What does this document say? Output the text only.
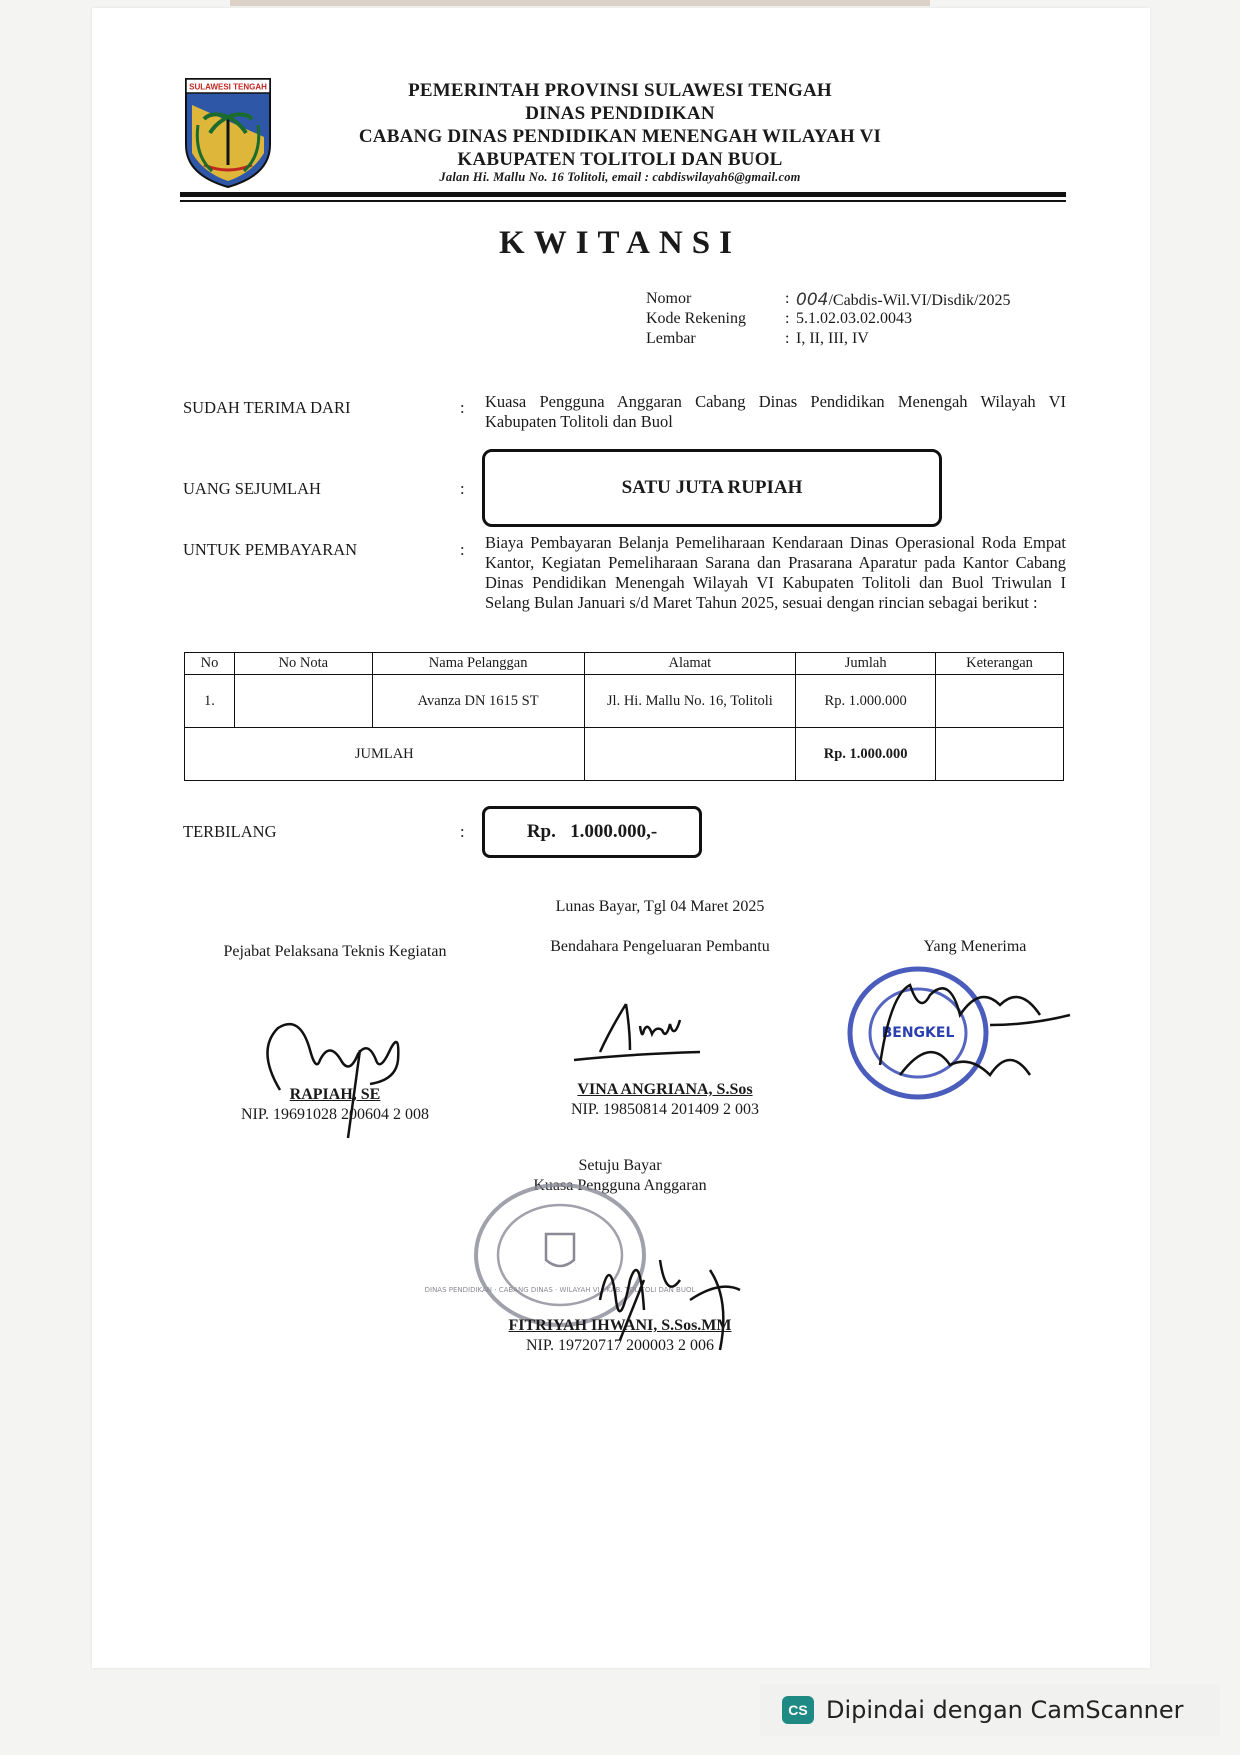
SULAWESI TENGAH	PEMERINTAH PROVINSI SULAWESI TENGAH
DINAS PENDIDIKAN
CABANG DINAS PENDIDIKAN MENENGAH WILAYAH VI
KABUPATEN TOLITOLI DAN BUOL
Jalan Hi. Mallu No. 16 Tolitoli, email : cabdiswilayah6@gmail.com
KWITANSI
Nomor	: 004/Cabdis-Wil.VI/Disdik/2025
Kode Rekening : 5.1.02.03.02.0043
Lembar	: I, II, III, IV
SUDAH TERIMA DARI	: Kuasa Pengguna Anggaran Cabang Dinas Pendidikan Menengah Wilayah VI Kabupaten Tolitoli dan Buol
UANG SEJUMLAH	:	SATU JUTA RUPIAH
UNTUK PEMBAYARAN	: Biaya Pembayaran Belanja Pemeliharaan Kendaraan Dinas Operasional Roda Empat Kantor, Kegiatan Pemeliharaan Sarana dan Prasarana Aparatur pada Kantor Cabang Dinas Pendidikan Menengah Wilayah VI Kabupaten Tolitoli dan Buol Triwulan I Selang Bulan Januari s/d Maret Tahun 2025, sesuai dengan rincian sebagai berikut :
No	No Nota	Nama Pelanggan	Alamat	Jumlah	Keterangan
1.		Avanza DN 1615 ST	Jl. Hi. Mallu No. 16, Tolitoli	Rp. 1.000.000	
JUMLAH				Rp. 1.000.000	
TERBILANG	:	Rp.   1.000.000,-
Lunas Bayar, Tgl 04 Maret 2025
Pejabat Pelaksana Teknis Kegiatan	Bendahara Pengeluaran Pembantu	Yang Menerima
RAPIAH, SE
NIP. 19691028 200604 2 008
VINA ANGRIANA, S.Sos
NIP. 19850814 201409 2 003
BENGKEL
Setuju Bayar
Kuasa Pengguna Anggaran
DINAS PENDIDIKAN · CABANG DINAS · WILAYAH VI · KAB. TOLITOLI DAN BUOL
FITRIYAH IHWANI, S.Sos.MM
NIP. 19720717 200003 2 006
CS Dipindai dengan CamScanner
